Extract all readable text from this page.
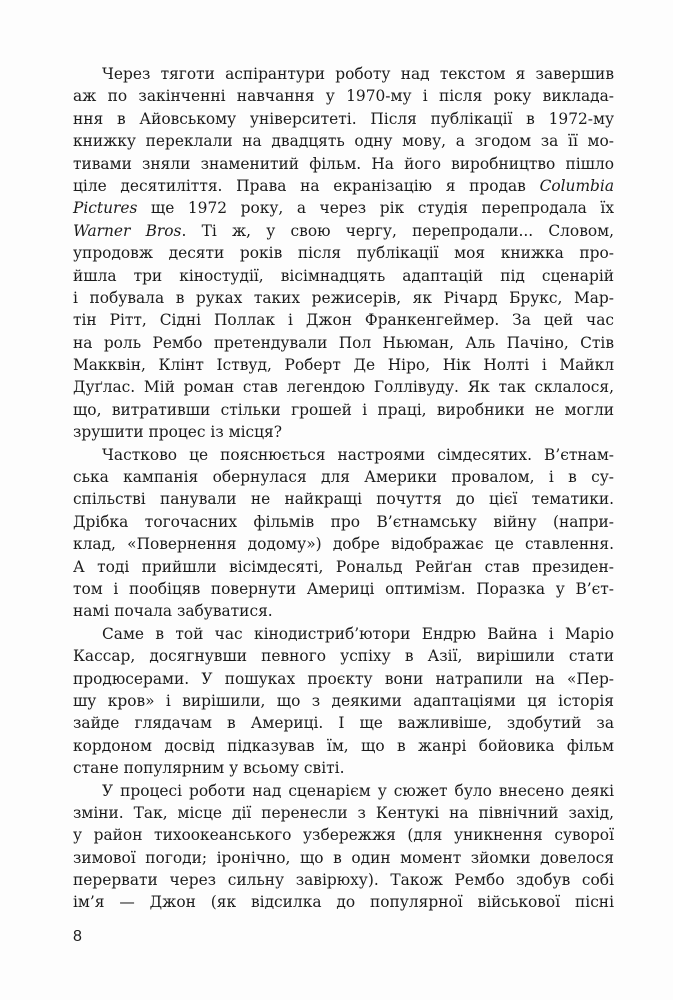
Через тяготи аспірантури роботу над текстом я завершив
аж по закінченні навчання у 1970-му і після року виклада-
ння в Айовському університеті. Після публікації в 1972-му
книжку переклали на двадцять одну мову, а згодом за її мо-
тивами зняли знаменитий фільм. На його виробництво пішло
ціле десятиліття. Права на екранізацію я продав Columbia
Pictures ще 1972 року, а через рік студія перепродала їх
Warner Bros. Ті ж, у свою чергу, перепродали... Словом,
упродовж десяти років після публікації моя книжка про-
йшла три кіностудії, вісімнадцять адаптацій під сценарій
і побувала в руках таких режисерів, як Річард Брукс, Мар-
тін Рітт, Сідні Поллак і Джон Франкенгеймер. За цей час
на роль Рембо претендували Пол Ньюман, Аль Пачіно, Стів
Макквін, Клінт Іствуд, Роберт Де Ніро, Нік Нолті і Майкл
Дуґлас. Мій роман став легендою Голлівуду. Як так склалося,
що, витративши стільки грошей і праці, виробники не могли
зрушити процес із місця?
Частково це пояснюється настроями сімдесятих. В’єтнам-
ська кампанія обернулася для Америки провалом, і в су-
спільстві панували не найкращі почуття до цієї тематики.
Дрібка тогочасних фільмів про В’єтнамську війну (напри-
клад, «Повернення додому») добре відображає це ставлення.
А тоді прийшли вісімдесяті, Рональд Рейґан став президен-
том і пообіцяв повернути Америці оптимізм. Поразка у В’єт-
намі почала забуватися.
Саме в той час кінодистриб’ютори Ендрю Вайна і Маріо
Кассар, досягнувши певного успіху в Азії, вирішили стати
продюсерами. У пошуках проєкту вони натрапили на «Пер-
шу кров» і вирішили, що з деякими адаптаціями ця історія
зайде глядачам в Америці. І ще важливіше, здобутий за
кордоном досвід підказував їм, що в жанрі бойовика фільм
стане популярним у всьому світі.
У процесі роботи над сценарієм у сюжет було внесено деякі
зміни. Так, місце дії перенесли з Кентукі на північний захід,
у район тихоокеанського узбережжя (для уникнення суворої
зимової погоди; іронічно, що в один момент зйомки довелося
перервати через сильну завірюху). Також Рембо здобув собі
ім’я — Джон (як відсилка до популярної військової пісні
8
